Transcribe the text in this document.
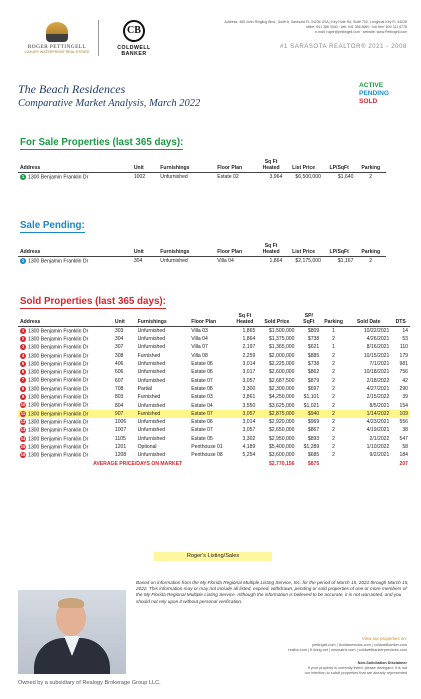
ROGER PETTINGELL
LUXURY WATERFRONT REAL ESTATE
CB
COLDWELL BANKER
Address: 465 John Ringling Blvd., Suite A, Sarasota FL 34236 USA | Key Hole Rd, Suite 700, Longboat Key FL 34228
office: 941 388 3940 · cell: 941 356 8660 · toll free: 800 311 6778
e-mail: roger@pettingell.com · website: www.Pettingell.com
#1 SARASOTA REALTOR® 2021 - 2008
The Beach Residences
Comparative Market Analysis, March 2022
ACTIVE
PENDING
SOLD
For Sale Properties (last 365 days):
Address	Unit	Furnishings	Floor Plan	Sq Ft Heated	List Price	LP/SqFt	Parking
1 1300 Benjamin Franklin Dr	1002	Unfurnished	Estate 02	3,964	$6,500,000	$1,640	2
Sale Pending:
Address	Unit	Furnishings	Floor Plan	Sq Ft Heated	List Price	LP/SqFt	Parking
1 1300 Benjamin Franklin Dr	304	Unfurnished	Villa 04	1,864	$2,175,000	$1,167	2
Sold Properties (last 365 days):
Address	Unit	Furnishings	Floor Plan	Sq Ft Heated	Sold Price	SP/ SqFt	Parking	Sold Date	DTS
1 1300 Benjamin Franklin Dr	303	Unfurnished	Villa 03	1,865	$1,500,000	$809	1	10/22/2021	14
2 1300 Benjamin Franklin Dr	304	Unfurnished	Villa 04	1,864	$1,375,000	$738	2	4/26/2021	53
3 1300 Benjamin Franklin Dr	307	Unfurnished	Villa 07	2,197	$1,365,000	$621	1	8/16/2021	110
4 1300 Benjamin Franklin Dr	308	Furnished	Villa 08	2,259	$2,000,000	$885	2	10/15/2021	179
5 1300 Benjamin Franklin Dr	406	Unfurnished	Estate 06	3,014	$2,225,000	$738	2	7/1/2021	981
6 1300 Benjamin Franklin Dr	606	Unfurnished	Estate 06	3,017	$2,600,000	$862	2	10/18/2021	756
7 1300 Benjamin Franklin Dr	607	Unfurnished	Estate 07	3,057	$2,687,500	$879	2	2/18/2022	42
8 1300 Benjamin Franklin Dr	708	Partial	Estate 08	3,300	$2,300,000	$697	2	4/27/2021	290
9 1300 Benjamin Franklin Dr	803	Furnished	Estate 03	3,861	$4,250,000	$1,101	2	2/15/2022	39
10 1300 Benjamin Franklin Dr	804	Unfurnished	Estate 04	3,550	$3,625,000	$1,021	2	8/5/2021	154
11 1300 Benjamin Franklin Dr	907	Furnished	Estate 07	3,057	$2,875,000	$940	2	1/14/2022	109
12 1300 Benjamin Franklin Dr	1006	Unfurnished	Estate 06	3,014	$2,920,000	$969	2	4/23/2021	556
13 1300 Benjamin Franklin Dr	1007	Unfurnished	Estate 07	3,057	$2,650,000	$867	2	4/19/2021	38
14 1300 Benjamin Franklin Dr	1105	Unfurnished	Estate 05	3,302	$2,950,000	$893	2	2/1/2022	547
15 1300 Benjamin Franklin Dr	1201	Optional	Penthouse 01	4,189	$5,400,000	$1,289	2	1/10/2022	58
16 1300 Benjamin Franklin Dr	1208	Unfurnished	Penthouse 08	5,254	$3,600,000	$685	2	9/2/2021	184
AVERAGE PRICE/DAYS ON MARKET					$2,770,156	$875			207
Roger's Listing/Sales
Based on information from the My Florida Regional Multiple Listing Service, Inc. for the period of March 15, 2021 through March 15, 2022. This information may or may not include all listed, expired, withdrawn, pending or sold properties of one or more members of the My Florida Regional Multiple Listing Service. Although the information is believed to be accurate, it is not warranted, and you should not rely upon it without personal verification.
View our properties on:
pettingell.com | floridanewvws.com | coldwellbanker.com
realtor.com | fl.living.net | mlsmatrix.com | coldwellbankerpreviews.com
Non-Solicitation Disclaimer
If your property is currently listed, please disregard. It is not
our intention to solicit properties that are already represented
Owned by a subsidiary of Realogy Brokerage Group LLC.
